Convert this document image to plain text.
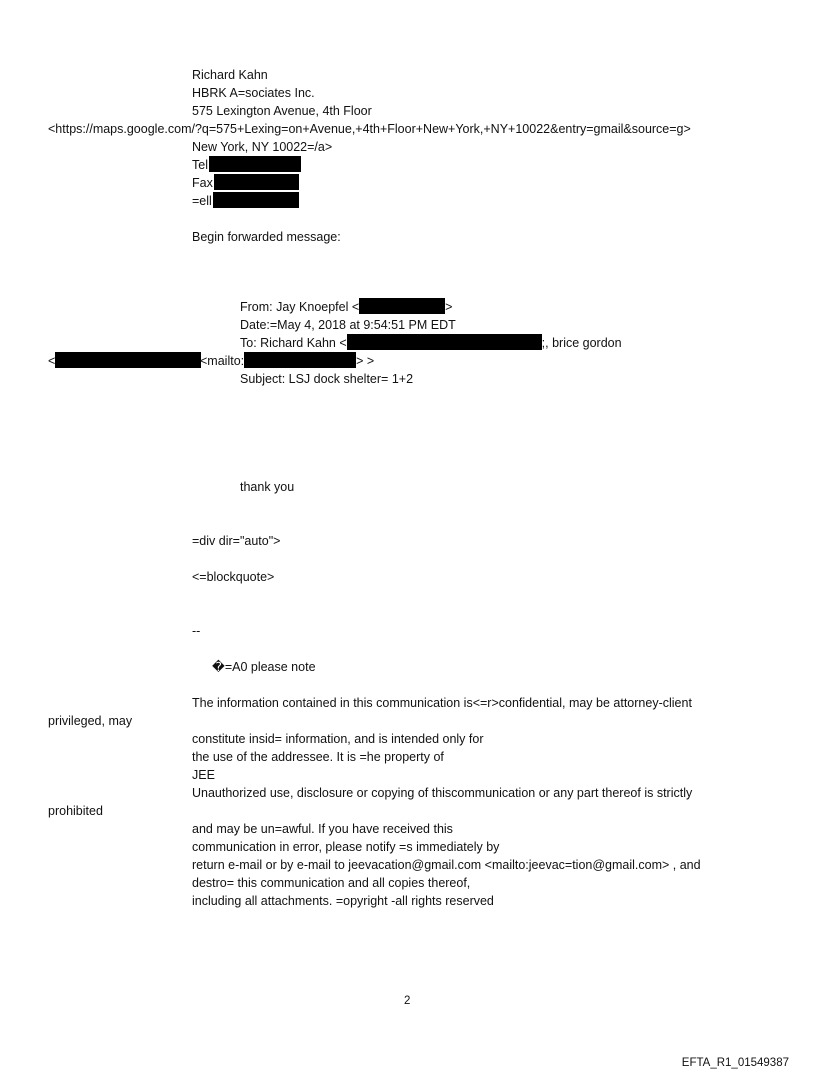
Richard Kahn
HBRK A=sociates Inc.
575 Lexington Avenue, 4th Floor
<https://maps.google.com/?q=575+Lexing=on+Avenue,+4th+Floor+New+York,+NY+10022&entry=gmail&source=g>
New York, NY 10022=/a>
Tel
Fax
=ell
Begin forwarded message:
From: Jay Knoepfel <	>
Date:=May 4, 2018 at 9:54:51 PM EDT
To: Richard Kahn <	;, brice gordon
<	<mailto:	> >
Subject: LSJ dock shelter= 1+2
thank you
=div dir="auto">
<=blockquote>
--
�=A0 please note
The information contained in this communication is<=r>confidential, may be attorney-client
privileged, may
constitute insid= information, and is intended only for
the use of the addressee. It is =he property of
JEE
Unauthorized use, disclosure or copying of thiscommunication or any part thereof is strictly
prohibited
and may be un=awful. If you have received this
communication in error, please notify =s immediately by
return e-mail or by e-mail to jeevacation@gmail.com <mailto:jeevac=tion@gmail.com> , and
destro= this communication and all copies thereof,
including all attachments. =opyright -all rights reserved
2
EFTA_R1_01549387
